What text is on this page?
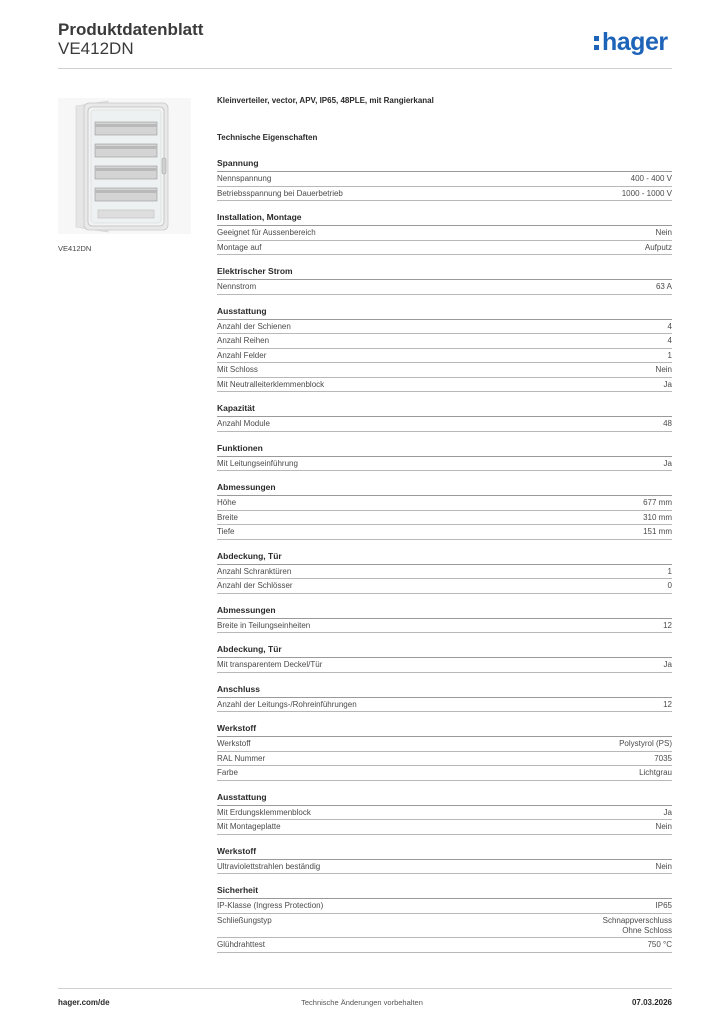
Produktdatenblatt
VE412DN	hager
VE412DN
Kleinverteiler, vector, APV, IP65, 48PLE, mit Rangierkanal
Technische Eigenschaften
Spannung
Nennspannung	400 - 400 V
Betriebsspannung bei Dauerbetrieb	1000 - 1000 V
Installation, Montage
Geeignet für Aussenbereich	Nein
Montage auf	Aufputz
Elektrischer Strom
Nennstrom	63 A
Ausstattung
Anzahl der Schienen	4
Anzahl Reihen	4
Anzahl Felder	1
Mit Schloss	Nein
Mit Neutralleiterklemmenblock	Ja
Kapazität
Anzahl Module	48
Funktionen
Mit Leitungseinführung	Ja
Abmessungen
Höhe	677 mm
Breite	310 mm
Tiefe	151 mm
Abdeckung, Tür
Anzahl Schranktüren	1
Anzahl der Schlösser	0
Abmessungen
Breite in Teilungseinheiten	12
Abdeckung, Tür
Mit transparentem Deckel/Tür	Ja
Anschluss
Anzahl der Leitungs-/Rohreinführungen	12
Werkstoff
Werkstoff	Polystyrol (PS)
RAL Nummer	7035
Farbe	Lichtgrau
Ausstattung
Mit Erdungsklemmenblock	Ja
Mit Montageplatte	Nein
Werkstoff
Ultraviolettstrahlen beständig	Nein
Sicherheit
IP-Klasse (Ingress Protection)	IP65
Schließungstyp	Schnappverschluss
Ohne Schloss
Glühdrahttest	750 °C
hager.com/de	Technische Änderungen vorbehalten	07.03.2026
